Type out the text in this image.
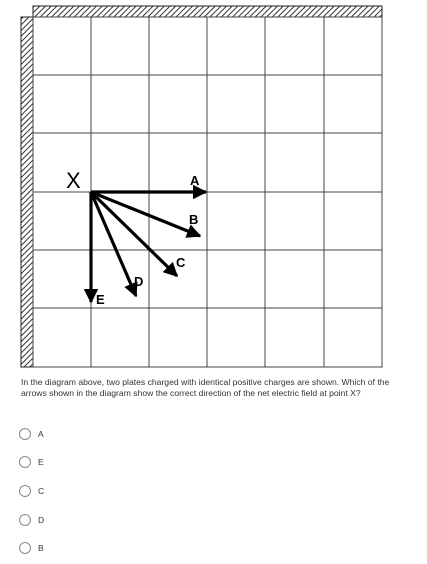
X	A
B
C
D
E
In the diagram above, two plates charged with identical positive charges are shown. Which of the arrows shown in the diagram show the correct direction of the net electric field at point X?
A
E
C
D
B
